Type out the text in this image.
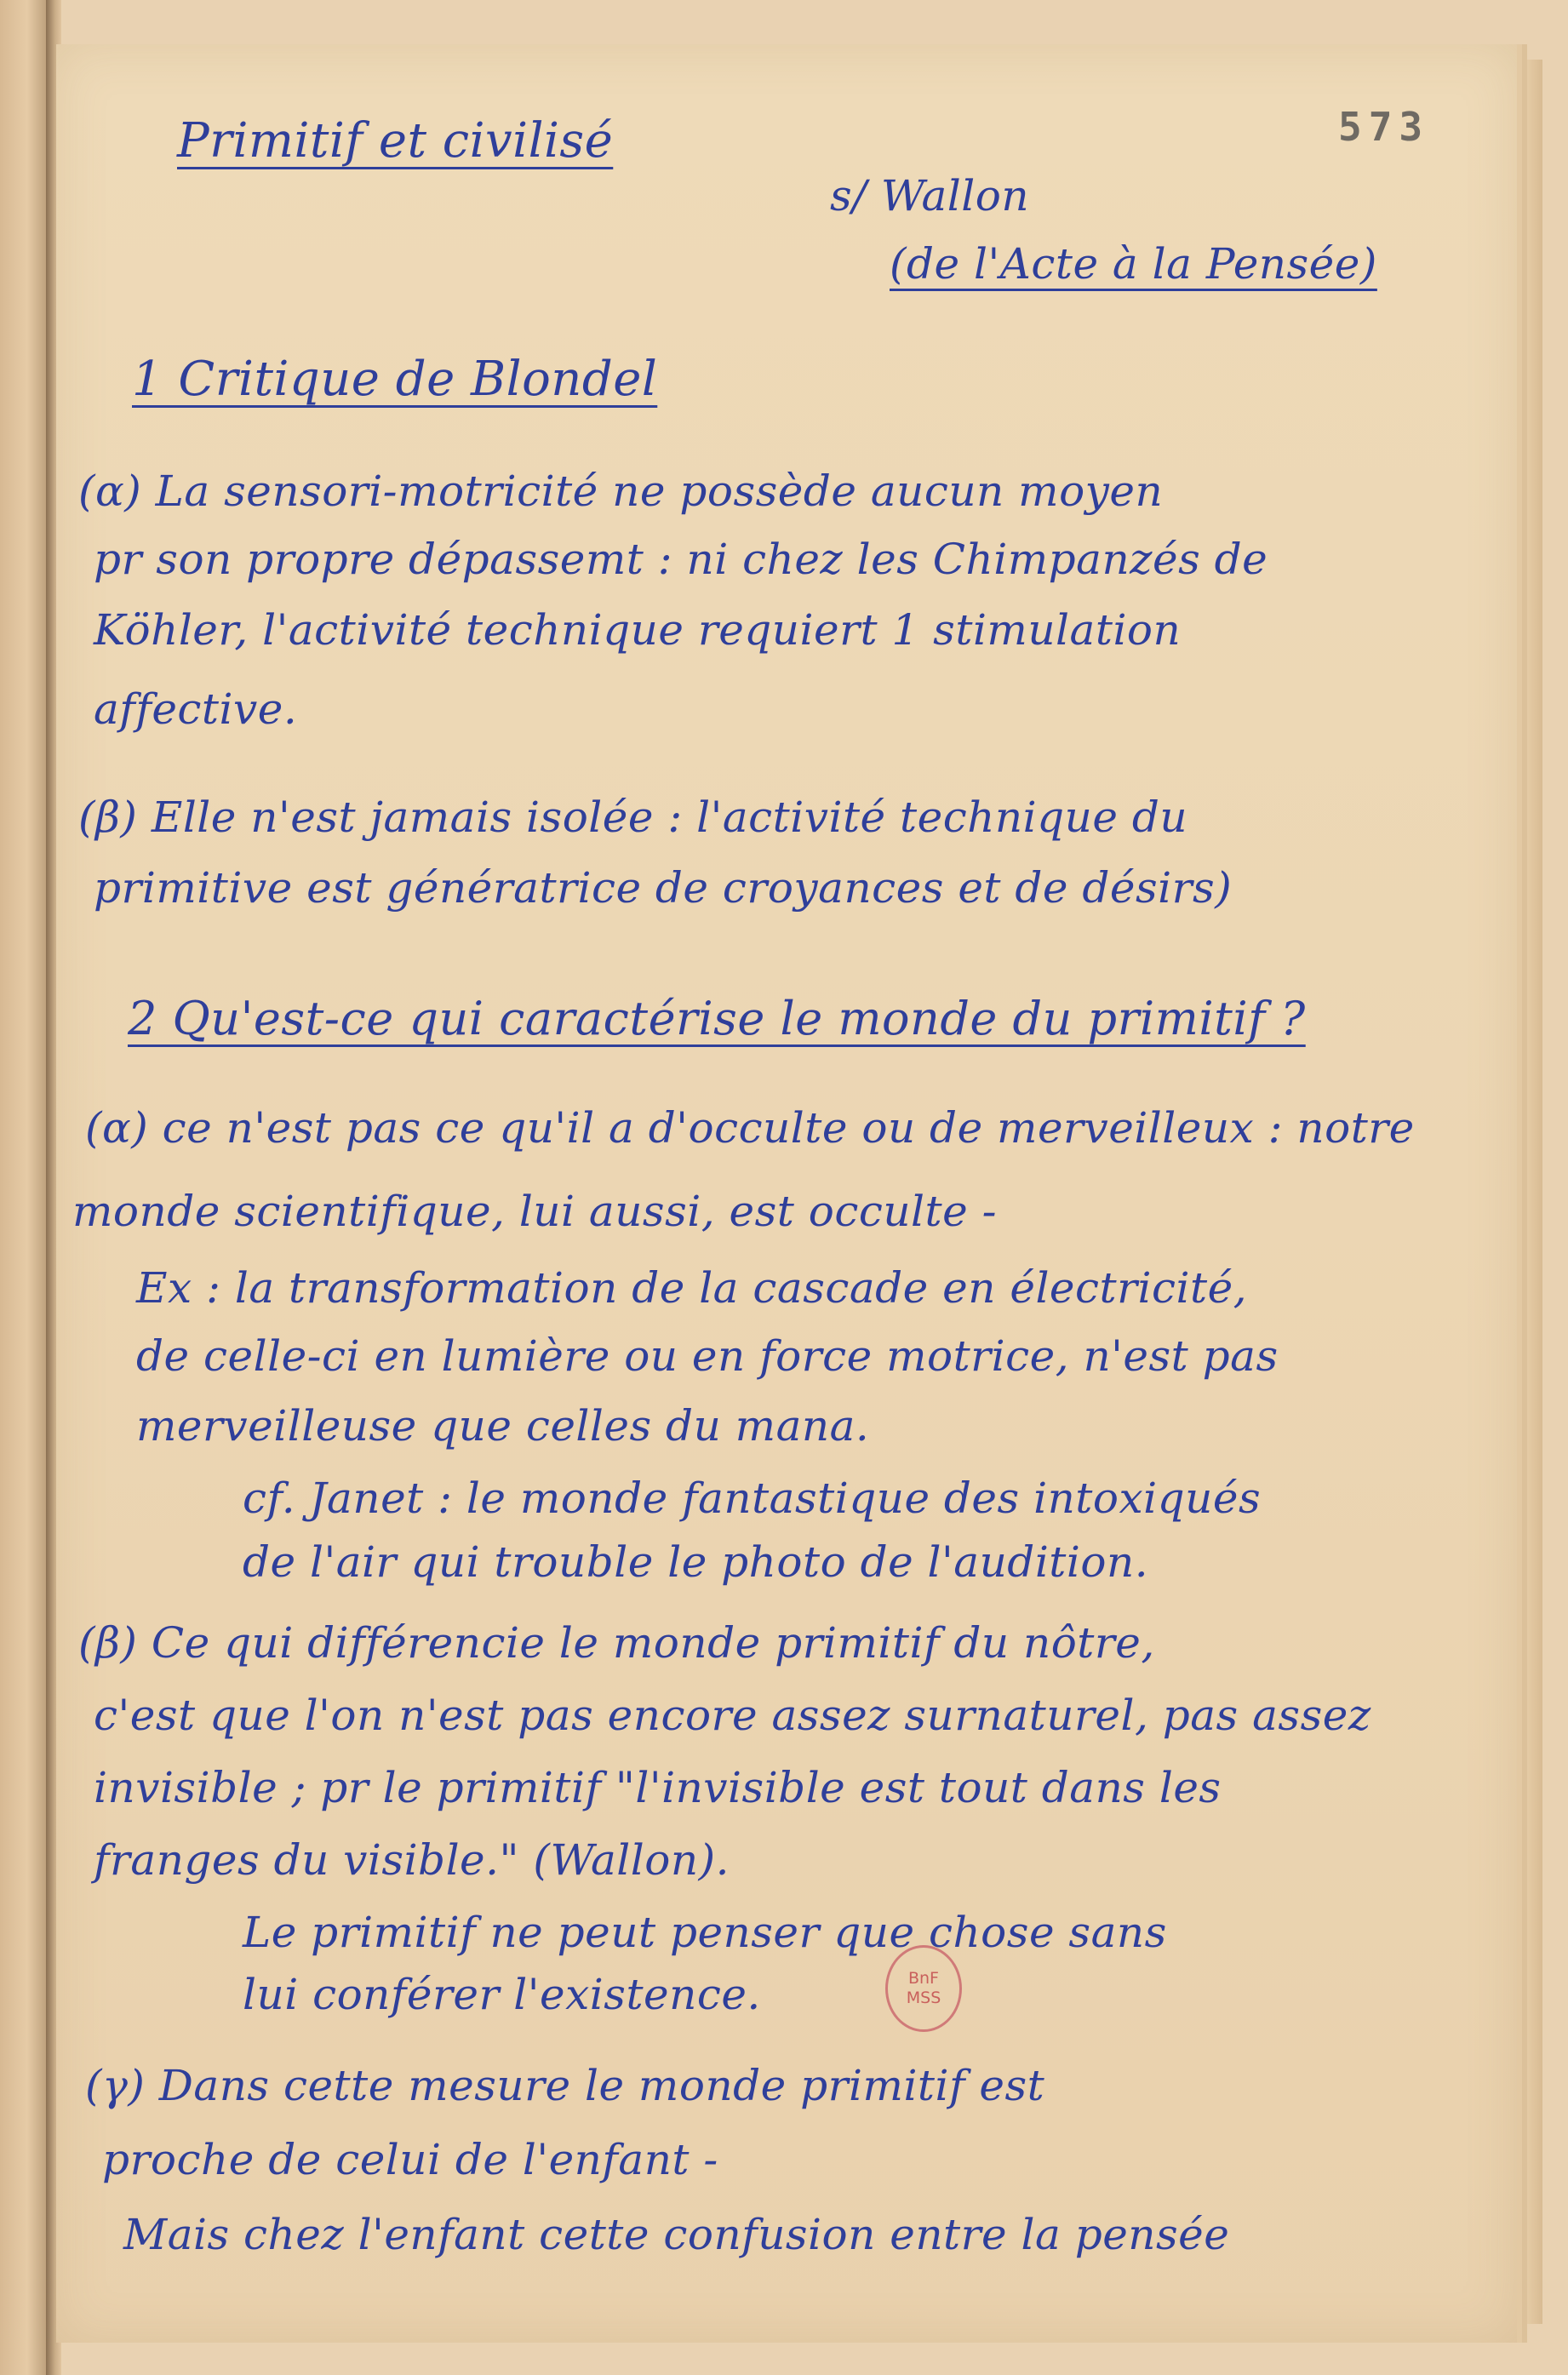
573

Primitif et civilisé

s/ Wallon

(de l'Acte à la Pensée)

1 Critique de Blondel

(α) La sensori-motricité ne possède aucun moyen

pr son propre dépassemt : ni chez les Chimpanzés de

Köhler, l'activité technique requiert 1 stimulation

affective.

(β) Elle n'est jamais isolée : l'activité technique du

primitive est génératrice de croyances et de désirs)

2 Qu'est-ce qui caractérise le monde du primitif ?

(α) ce n'est pas ce qu'il a d'occulte ou de merveilleux : notre

monde scientifique, lui aussi, est occulte -

Ex : la transformation de la cascade en électricité,

de celle-ci en lumière ou en force motrice, n'est pas

merveilleuse que celles du mana.

cf. Janet : le monde fantastique des intoxiqués

de l'air qui trouble le photo de l'audition.

(β) Ce qui différencie le monde primitif du nôtre,

c'est que l'on n'est pas encore assez surnaturel, pas assez

invisible ; pr le primitif "l'invisible est tout dans les

franges du visible." (Wallon).

Le primitif ne peut penser que chose sans

lui conférer l'existence.

(γ) Dans cette mesure le monde primitif est

proche de celui de l'enfant -

Mais chez l'enfant cette confusion entre la pensée

BnF
MSS
